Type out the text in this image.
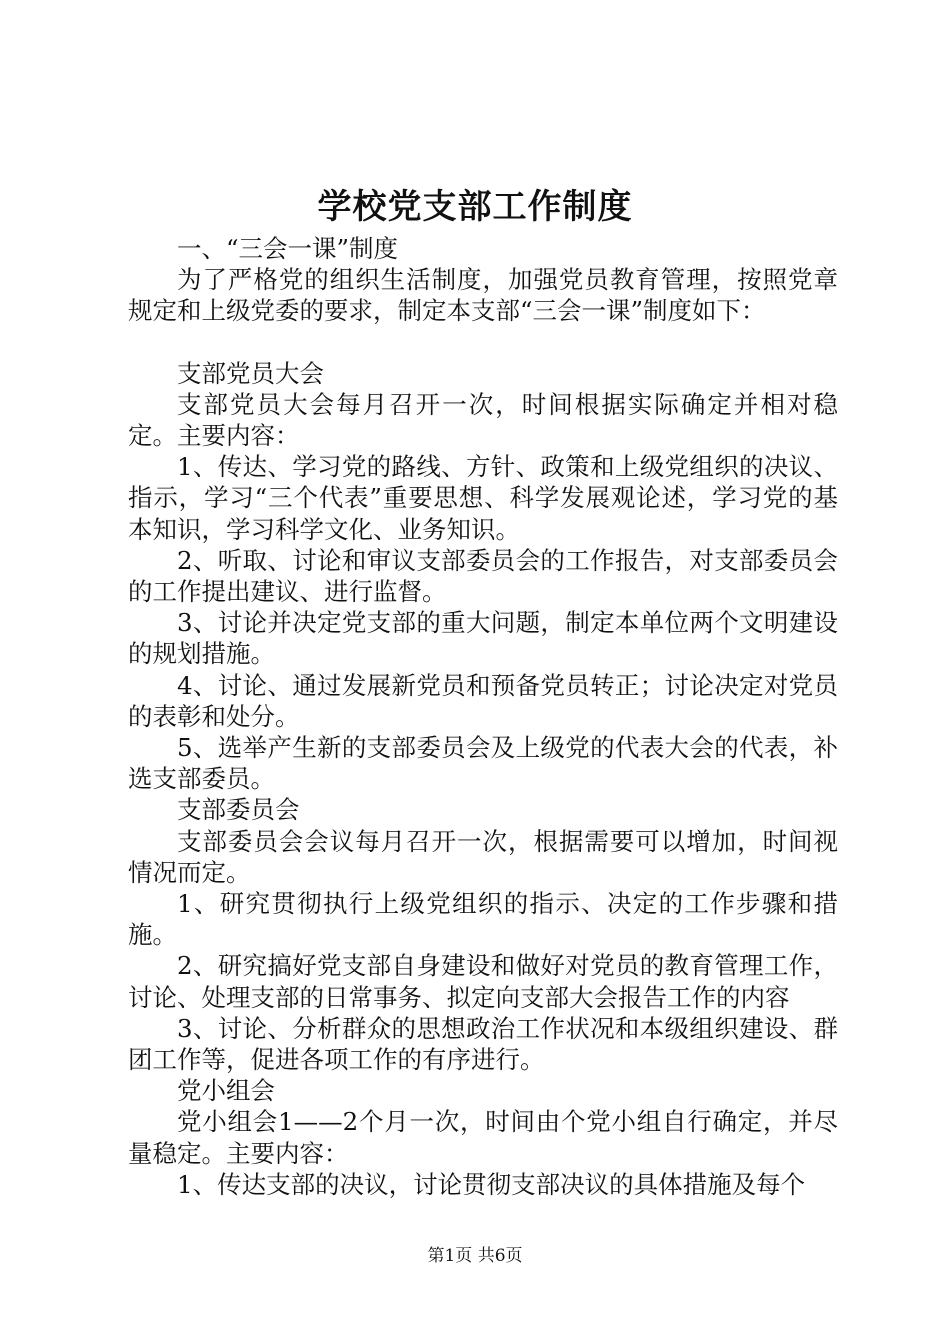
学校党支部工作制度

一、“三会一课”制度

为了严格党的组织生活制度，加强党员教育管理，按照党章规定和上级党委的要求，制定本支部“三会一课”制度如下：

支部党员大会

支部党员大会每月召开一次，时间根据实际确定并相对稳定。主要内容：

1、传达、学习党的路线、方针、政策和上级党组织的决议、指示，学习“三个代表”重要思想、科学发展观论述，学习党的基本知识，学习科学文化、业务知识。

2、听取、讨论和审议支部委员会的工作报告，对支部委员会的工作提出建议、进行监督。

3、讨论并决定党支部的重大问题，制定本单位两个文明建设的规划措施。

4、讨论、通过发展新党员和预备党员转正；讨论决定对党员的表彰和处分。

5、选举产生新的支部委员会及上级党的代表大会的代表，补选支部委员。

支部委员会

支部委员会会议每月召开一次，根据需要可以增加，时间视情况而定。

1、研究贯彻执行上级党组织的指示、决定的工作步骤和措施。

2、研究搞好党支部自身建设和做好对党员的教育管理工作，讨论、处理支部的日常事务、拟定向支部大会报告工作的内容

3、讨论、分析群众的思想政治工作状况和本级组织建设、群团工作等，促进各项工作的有序进行。

党小组会

党小组会1——2个月一次，时间由个党小组自行确定，并尽量稳定。主要内容：

1、传达支部的决议，讨论贯彻支部决议的具体措施及每个

第1页 共6页
